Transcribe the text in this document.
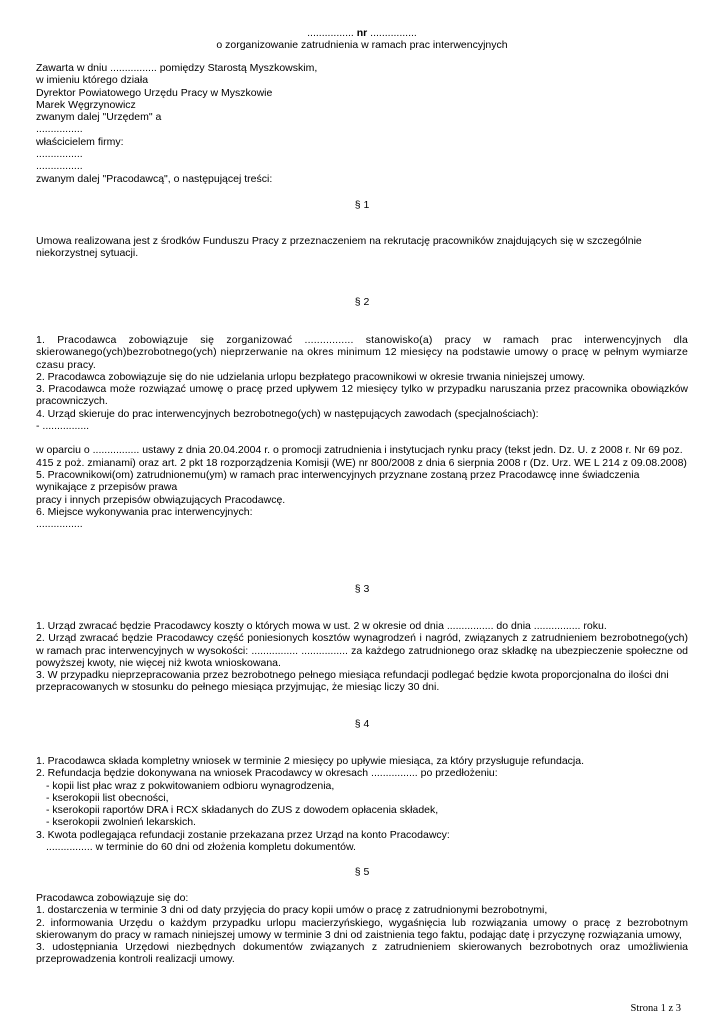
................ nr ................
o zorganizowanie zatrudnienia w ramach prac interwencyjnych
Zawarta w dniu ................ pomiędzy Starostą Myszkowskim,
w imieniu którego działa
Dyrektor Powiatowego Urzędu Pracy w Myszkowie
Marek Węgrzynowicz
zwanym dalej "Urzędem" a
................
właścicielem firmy:
................
................
zwanym dalej "Pracodawcą", o następującej treści:
§ 1
Umowa realizowana jest z środków Funduszu Pracy z przeznaczeniem na rekrutację pracowników znajdujących się w szczególnie niekorzystnej sytuacji.
§ 2
1. Pracodawca zobowiązuje się zorganizować ................ stanowisko(a) pracy w ramach prac interwencyjnych dla skierowanego(ych)bezrobotnego(ych) nieprzerwanie na okres minimum 12 miesięcy na podstawie umowy o pracę w pełnym wymiarze czasu pracy.
2. Pracodawca zobowiązuje się do nie udzielania urlopu bezpłatego pracownikowi w okresie trwania niniejszej umowy.
3. Pracodawca może rozwiązać umowę o pracę przed upływem 12 miesięcy tylko w przypadku naruszania przez pracownika obowiązków pracowniczych.
4. Urząd skieruje do prac interwencyjnych bezrobotnego(ych) w następujących zawodach (specjalnościach):
- ................
w oparciu o ................ ustawy z dnia 20.04.2004 r. o promocji zatrudnienia i instytucjach rynku pracy (tekst jedn. Dz. U. z 2008 r. Nr 69 poz. 415 z poż. zmianami) oraz art. 2 pkt 18 rozporządzenia Komisji (WE) nr 800/2008 z dnia 6 sierpnia 2008 r (Dz. Urz. WE L 214 z 09.08.2008)
5. Pracownikowi(om) zatrudnionemu(ym) w ramach prac interwencyjnych przyznane zostaną przez Pracodawcę inne świadczenia wynikające z przepisów prawa
pracy i innych przepisów obwiązujących Pracodawcę.
6. Miejsce wykonywania prac interwencyjnych:
................
§ 3
1. Urząd zwracać będzie Pracodawcy koszty o których mowa w ust. 2 w okresie od dnia ................ do dnia ................ roku.
2. Urząd zwracać będzie Pracodawcy część poniesionych kosztów wynagrodzeń i nagród, związanych z zatrudnieniem bezrobotnego(ych) w ramach prac interwencyjnych w wysokości: ................ ................ za każdego zatrudnionego oraz składkę na ubezpieczenie społeczne od powyższej kwoty, nie więcej niż kwota wnioskowana.
3. W przypadku nieprzepracowania przez bezrobotnego pełnego miesiąca refundacji podlegać będzie kwota proporcjonalna do ilości dni przepracowanych w stosunku do pełnego miesiąca przyjmując, że miesiąc liczy 30 dni.
§ 4
1. Pracodawca składa kompletny wniosek w terminie 2 miesięcy po upływie miesiąca, za który przysługuje refundacja.
2. Refundacja będzie dokonywana na wniosek Pracodawcy w okresach ................ po przedłożeniu:
- kopii list płac wraz z pokwitowaniem odbioru wynagrodzenia,
- kserokopii list obecności,
- kserokopii raportów DRA i RCX składanych do ZUS z dowodem opłacenia składek,
- kserokopii zwolnień lekarskich.
3. Kwota podlegająca refundacji zostanie przekazana przez Urząd na konto Pracodawcy:
................ w terminie do 60 dni od złożenia kompletu dokumentów.
§ 5
Pracodawca zobowiązuje się do:
1. dostarczenia w terminie 3 dni od daty przyjęcia do pracy kopii umów o pracę z zatrudnionymi bezrobotnymi,
2. informowania Urzędu o każdym przypadku urlopu macierzyńskiego, wygaśnięcia lub rozwiązania umowy o pracę z bezrobotnym skierowanym do pracy w ramach niniejszej umowy w terminie 3 dni od zaistnienia tego faktu, podając datę i przyczynę rozwiązania umowy,
3. udostępniania Urzędowi niezbędnych dokumentów związanych z zatrudnieniem skierowanych bezrobotnych oraz umożliwienia przeprowadzenia kontroli realizacji umowy.
Strona 1 z 3
